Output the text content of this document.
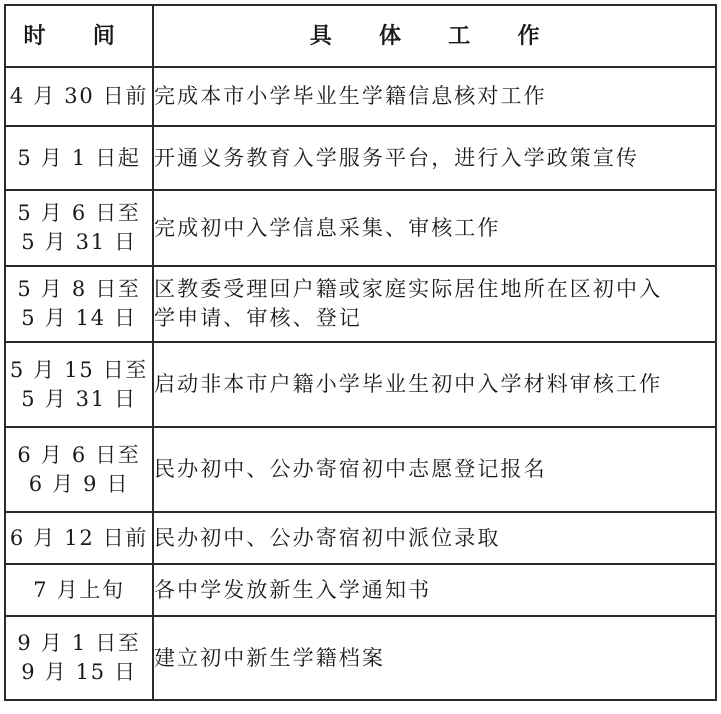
时 间	具 体 工 作

4 月 30 日前	完成本市小学毕业生学籍信息核对工作

5 月 1 日起	开通义务教育入学服务平台，进行入学政策宣传

5 月 6 日至
5 月 31 日	完成初中入学信息采集、审核工作

5 月 8 日至
5 月 14 日	区教委受理回户籍或家庭实际居住地所在区初中入
学申请、审核、登记

5 月 15 日至
5 月 31 日	启动非本市户籍小学毕业生初中入学材料审核工作

6 月 6 日至
6 月 9 日	民办初中、公办寄宿初中志愿登记报名

6 月 12 日前	民办初中、公办寄宿初中派位录取

7 月上旬	各中学发放新生入学通知书

9 月 1 日至
9 月 15 日	建立初中新生学籍档案
